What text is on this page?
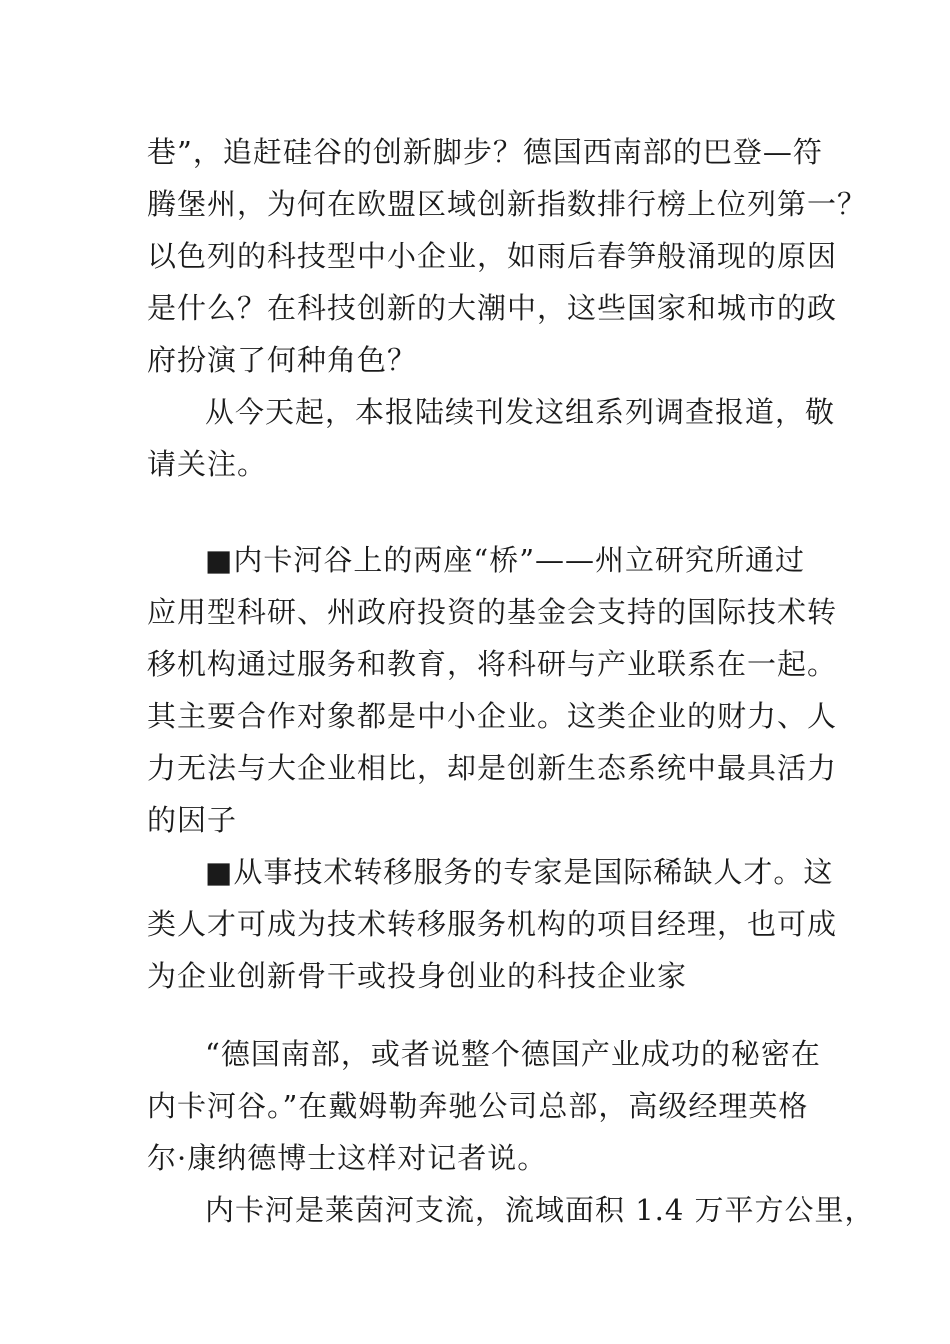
巷”，追赶硅谷的创新脚步？德国西南部的巴登—符
腾堡州，为何在欧盟区域创新指数排行榜上位列第一？
以色列的科技型中小企业，如雨后春笋般涌现的原因
是什么？在科技创新的大潮中，这些国家和城市的政
府扮演了何种角色？
从今天起，本报陆续刊发这组系列调查报道，敬
请关注。
■内卡河谷上的两座“桥”——州立研究所通过
应用型科研、州政府投资的基金会支持的国际技术转
移机构通过服务和教育，将科研与产业联系在一起。
其主要合作对象都是中小企业。这类企业的财力、人
力无法与大企业相比，却是创新生态系统中最具活力
的因子
■从事技术转移服务的专家是国际稀缺人才。这
类人才可成为技术转移服务机构的项目经理，也可成
为企业创新骨干或投身创业的科技企业家
“德国南部，或者说整个德国产业成功的秘密在
内卡河谷。”在戴姆勒奔驰公司总部，高级经理英格
尔·康纳德博士这样对记者说。
内卡河是莱茵河支流，流域面积 1.4 万平方公里，
